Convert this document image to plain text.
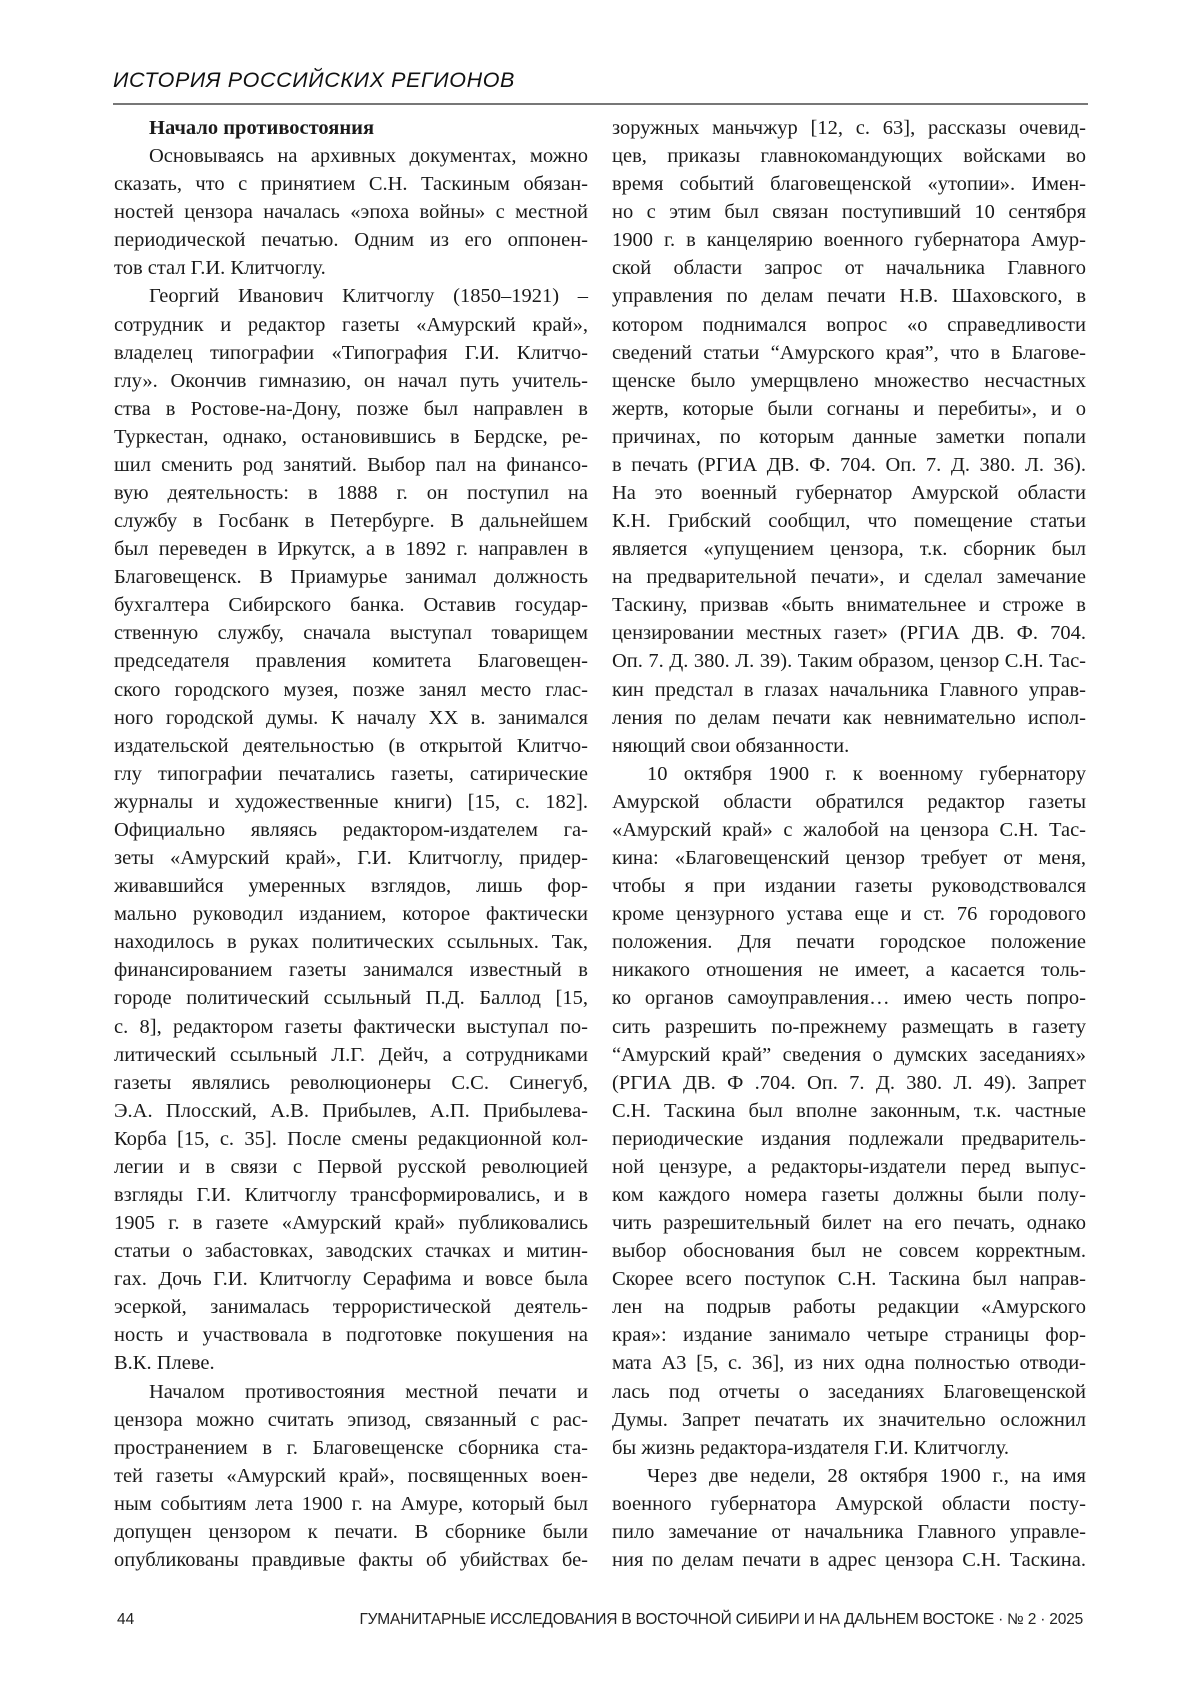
ИСТОРИЯ РОССИЙСКИХ РЕГИОНОВ
Начало противостояния
Основываясь на архивных документах, можно
сказать, что с принятием С.Н. Таскиным обязан-
ностей цензора началась «эпоха войны» с местной
периодической печатью. Одним из его оппонен-
тов стал Г.И. Клитчоглу.
Георгий Иванович Клитчоглу (1850–1921) –
сотрудник и редактор газеты «Амурский край»,
владелец типографии «Типография Г.И. Клитчо-
глу». Окончив гимназию, он начал путь учитель-
ства в Ростове-на-Дону, позже был направлен в
Туркестан, однако, остановившись в Бердске, ре-
шил сменить род занятий. Выбор пал на финансо-
вую деятельность: в 1888 г. он поступил на
службу в Госбанк в Петербурге. В дальнейшем
был переведен в Иркутск, а в 1892 г. направлен в
Благовещенск. В Приамурье занимал должность
бухгалтера Сибирского банка. Оставив государ-
ственную службу, сначала выступал товарищем
председателя правления комитета Благовещен-
ского городского музея, позже занял место глас-
ного городской думы. К началу XX в. занимался
издательской деятельностью (в открытой Клитчо-
глу типографии печатались газеты, сатирические
журналы и художественные книги) [15, с. 182].
Официально являясь редактором-издателем га-
зеты «Амурский край», Г.И. Клитчоглу, придер-
живавшийся умеренных взглядов, лишь фор-
мально руководил изданием, которое фактически
находилось в руках политических ссыльных. Так,
финансированием газеты занимался известный в
городе политический ссыльный П.Д. Баллод [15,
с. 8], редактором газеты фактически выступал по-
литический ссыльный Л.Г. Дейч, а сотрудниками
газеты являлись революционеры С.С. Синегуб,
Э.А. Плосский, А.В. Прибылев, А.П. Прибылева-
Корба [15, с. 35]. После смены редакционной кол-
легии и в связи с Первой русской революцией
взгляды Г.И. Клитчоглу трансформировались, и в
1905 г. в газете «Амурский край» публиковались
статьи о забастовках, заводских стачках и митин-
гах. Дочь Г.И. Клитчоглу Серафима и вовсе была
эсеркой, занималась террористической деятель-
ность и участвовала в подготовке покушения на
В.К. Плеве.
Началом противостояния местной печати и
цензора можно считать эпизод, связанный с рас-
пространением в г. Благовещенске сборника ста-
тей газеты «Амурский край», посвященных воен-
ным событиям лета 1900 г. на Амуре, который был
допущен цензором к печати. В сборнике были
опубликованы правдивые факты об убийствах бе-
зоружных маньчжур [12, с. 63], рассказы очевид-
цев, приказы главнокомандующих войсками во
время событий благовещенской «утопии». Имен-
но с этим был связан поступивший 10 сентября
1900 г. в канцелярию военного губернатора Амур-
ской области запрос от начальника Главного
управления по делам печати Н.В. Шаховского, в
котором поднимался вопрос «о справедливости
сведений статьи “Амурского края”, что в Благове-
щенске было умерщвлено множество несчастных
жертв, которые были согнаны и перебиты», и о
причинах, по которым данные заметки попали
в печать (РГИА ДВ. Ф. 704. Оп. 7. Д. 380. Л. 36).
На это военный губернатор Амурской области
К.Н. Грибский сообщил, что помещение статьи
является «упущением цензора, т.к. сборник был
на предварительной печати», и сделал замечание
Таскину, призвав «быть внимательнее и строже в
цензировании местных газет» (РГИА ДВ. Ф. 704.
Оп. 7. Д. 380. Л. 39). Таким образом, цензор С.Н. Тас-
кин предстал в глазах начальника Главного управ-
ления по делам печати как невнимательно испол-
няющий свои обязанности.
10 октября 1900 г. к военному губернатору
Амурской области обратился редактор газеты
«Амурский край» с жалобой на цензора С.Н. Тас-
кина: «Благовещенский цензор требует от меня,
чтобы я при издании газеты руководствовался
кроме цензурного устава еще и ст. 76 городового
положения. Для печати городское положение
никакого отношения не имеет, а касается толь-
ко органов самоуправления… имею честь попро-
сить разрешить по-прежнему размещать в газету
“Амурский край” сведения о думских заседаниях»
(РГИА ДВ. Ф .704. Оп. 7. Д. 380. Л. 49). Запрет
С.Н. Таскина был вполне законным, т.к. частные
периодические издания подлежали предваритель-
ной цензуре, а редакторы-издатели перед выпус-
ком каждого номера газеты должны были полу-
чить разрешительный билет на его печать, однако
выбор обоснования был не совсем корректным.
Скорее всего поступок С.Н. Таскина был направ-
лен на подрыв работы редакции «Амурского
края»: издание занимало четыре страницы фор-
мата А3 [5, с. 36], из них одна полностью отводи-
лась под отчеты о заседаниях Благовещенской
Думы. Запрет печатать их значительно осложнил
бы жизнь редактора-издателя Г.И. Клитчоглу.
Через две недели, 28 октября 1900 г., на имя
военного губернатора Амурской области посту-
пило замечание от начальника Главного управле-
ния по делам печати в адрес цензора С.Н. Таскина.
44	ГУМАНИТАРНЫЕ ИССЛЕДОВАНИЯ В ВОСТОЧНОЙ СИБИРИ И НА ДАЛЬНЕМ ВОСТОКЕ · № 2 · 2025
